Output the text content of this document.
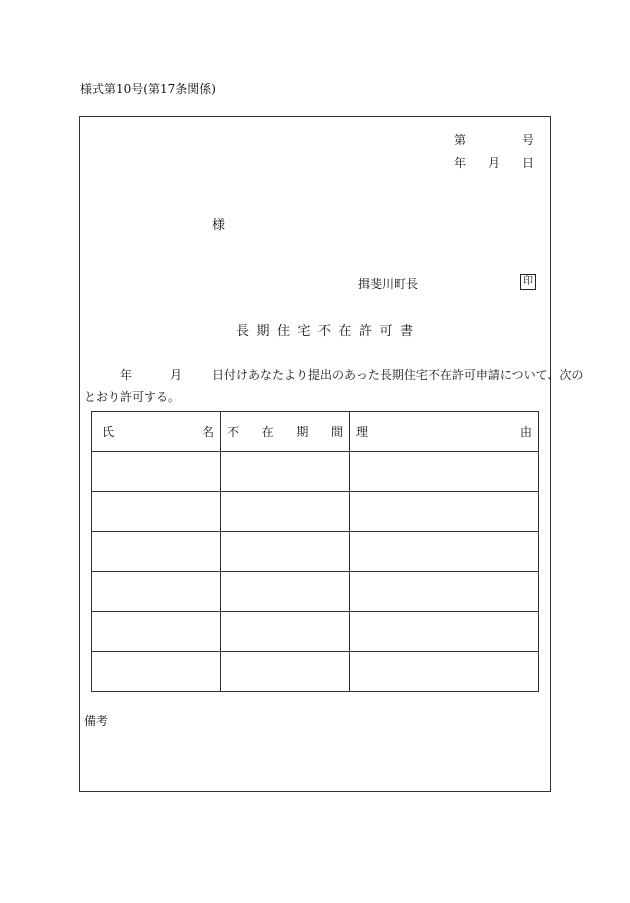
様式第10号(第17条関係)
第	号
年 月 日
様
揖斐川町長	印
長期住宅不在許可書
年	月	日付けあなたより提出のあった長期住宅不在許可申請について、次の
とおり許可する。
氏 名	不 在 期 間	理 由

備考
